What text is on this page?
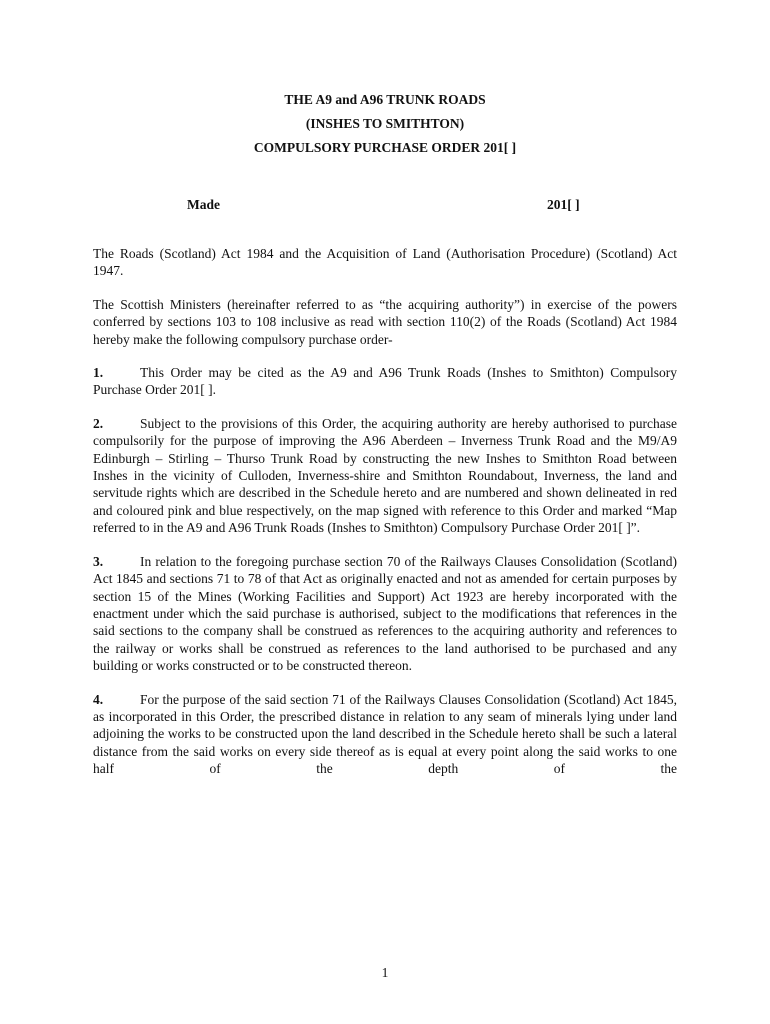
THE A9 and A96 TRUNK ROADS
(INSHES TO SMITHTON)
COMPULSORY PURCHASE ORDER 201[ ]
Made	201[ ]

The Roads (Scotland) Act 1984 and the Acquisition of Land (Authorisation Procedure) (Scotland) Act 1947.

The Scottish Ministers (hereinafter referred to as “the acquiring authority”) in exercise of the powers conferred by sections 103 to 108 inclusive as read with section 110(2) of the Roads (Scotland) Act 1984 hereby make the following compulsory purchase order-

1.	This Order may be cited as the A9 and A96 Trunk Roads (Inshes to Smithton) Compulsory Purchase Order 201[ ].

2.	Subject to the provisions of this Order, the acquiring authority are hereby authorised to purchase compulsorily for the purpose of improving the A96 Aberdeen – Inverness Trunk Road and the M9/A9 Edinburgh – Stirling – Thurso Trunk Road by constructing the new Inshes to Smithton Road between Inshes in the vicinity of Culloden, Inverness-shire and Smithton Roundabout, Inverness, the land and servitude rights which are described in the Schedule hereto and are numbered and shown delineated in red and coloured pink and blue respectively, on the map signed with reference to this Order and marked “Map referred to in the A9 and A96 Trunk Roads (Inshes to Smithton) Compulsory Purchase Order 201[ ]”.

3.	In relation to the foregoing purchase section 70 of the Railways Clauses Consolidation (Scotland) Act 1845 and sections 71 to 78 of that Act as originally enacted and not as amended for certain purposes by section 15 of the Mines (Working Facilities and Support) Act 1923 are hereby incorporated with the enactment under which the said purchase is authorised, subject to the modifications that references in the said sections to the company shall be construed as references to the acquiring authority and references to the railway or works shall be construed as references to the land authorised to be purchased and any building or works constructed or to be constructed thereon.

4.	For the purpose of the said section 71 of the Railways Clauses Consolidation (Scotland) Act 1845, as incorporated in this Order, the prescribed distance in relation to any seam of minerals lying under land adjoining the works to be constructed upon the land described in the Schedule hereto shall be such a lateral distance from the said works on every side thereof as is equal at every point along the said works to one half of the depth of the

1
